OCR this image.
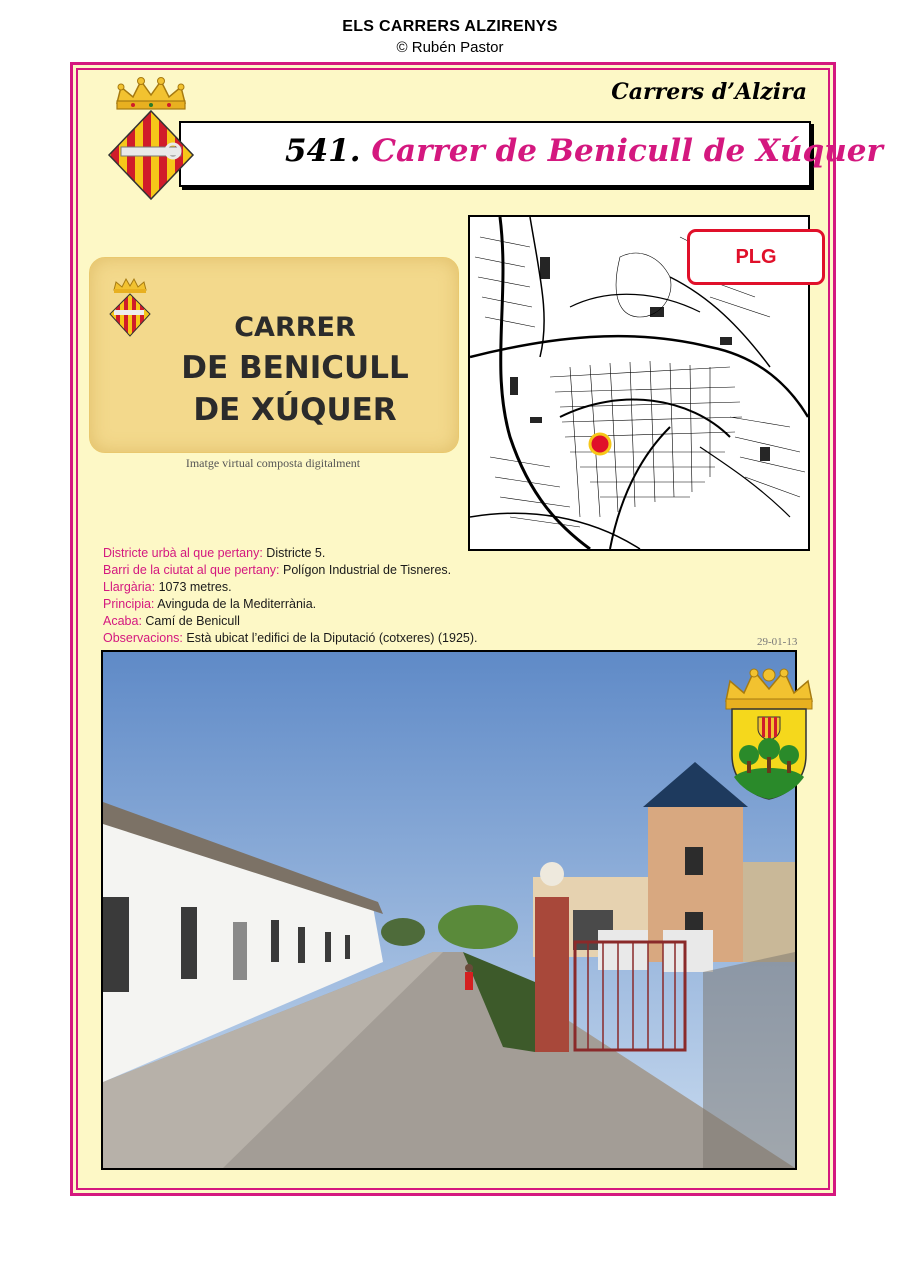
ELS CARRERS ALZIRENYS
© Rubén Pastor
Carrers d’Alzira
541. Carrer de Benicull de Xúquer
CARRER
DE BENICULL
DE XÚQUER
Imatge virtual composta digitalment
PLG
Districte urbà al que pertany: Districte 5.
Barri de la ciutat al que pertany: Polígon Industrial de Tisneres.
Llargària: 1073 metres.
Principia: Avinguda de la Mediterrània.
Acaba: Camí de Benicull
Observacions: Està ubicat l’edifici de la Diputació (cotxeres) (1925).	29-01-13
